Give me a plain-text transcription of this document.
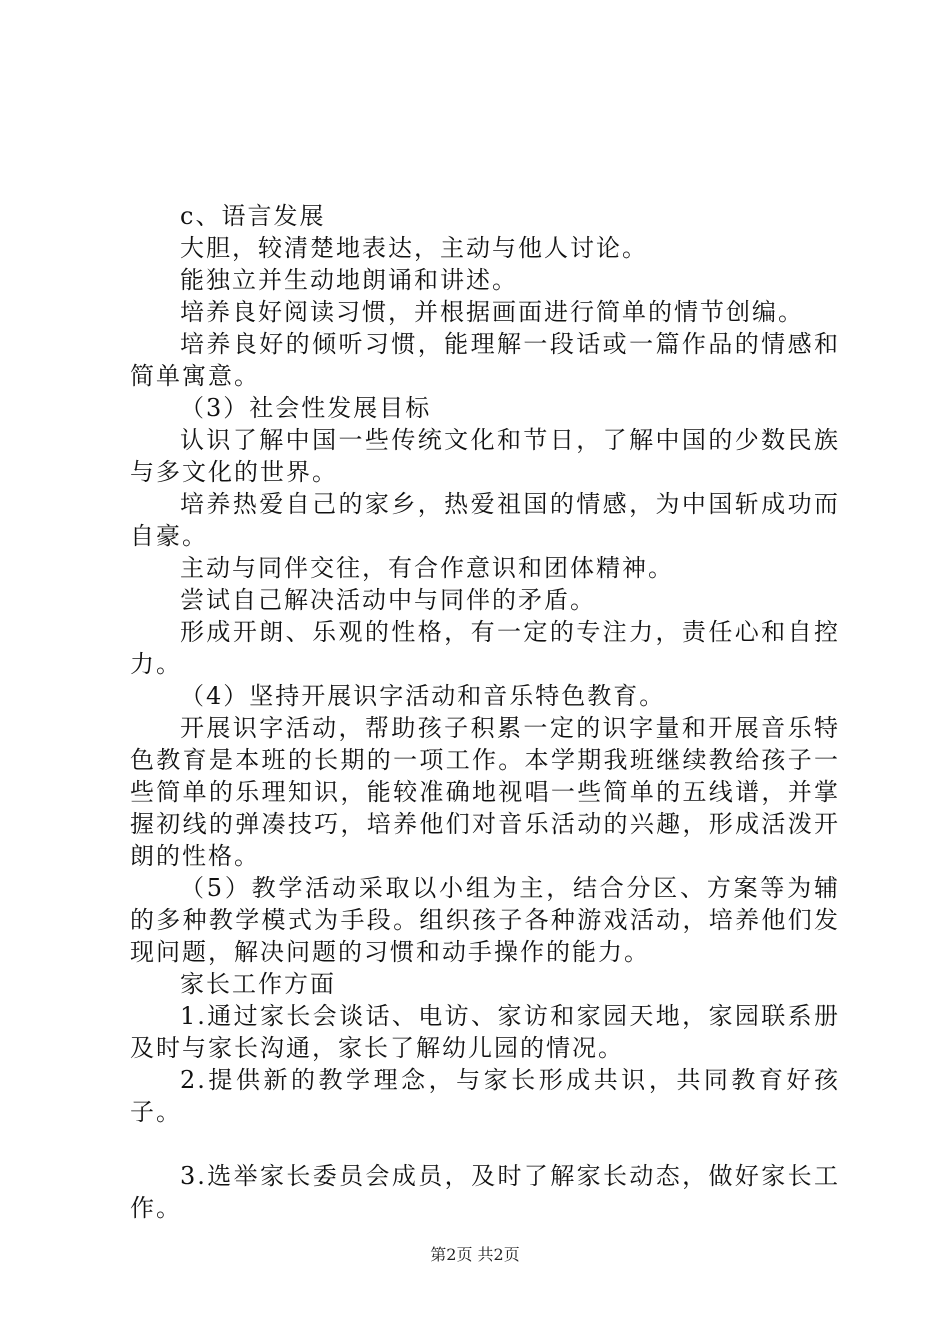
c、语言发展

大胆，较清楚地表达，主动与他人讨论。

能独立并生动地朗诵和讲述。

培养良好阅读习惯，并根据画面进行简单的情节创编。

培养良好的倾听习惯，能理解一段话或一篇作品的情感和简单寓意。

（3）社会性发展目标

认识了解中国一些传统文化和节日，了解中国的少数民族与多文化的世界。

培养热爱自己的家乡，热爱祖国的情感，为中国斩成功而自豪。

主动与同伴交往，有合作意识和团体精神。

尝试自己解决活动中与同伴的矛盾。

形成开朗、乐观的性格，有一定的专注力，责任心和自控力。

（4）坚持开展识字活动和音乐特色教育。

开展识字活动，帮助孩子积累一定的识字量和开展音乐特色教育是本班的长期的一项工作。本学期我班继续教给孩子一些简单的乐理知识，能较准确地视唱一些简单的五线谱，并掌握初线的弹凑技巧，培养他们对音乐活动的兴趣，形成活泼开朗的性格。

（5）教学活动采取以小组为主，结合分区、方案等为辅的多种教学模式为手段。组织孩子各种游戏活动，培养他们发现问题，解决问题的习惯和动手操作的能力。

家长工作方面

1.通过家长会谈话、电访、家访和家园天地，家园联系册及时与家长沟通，家长了解幼儿园的情况。

2.提供新的教学理念，与家长形成共识，共同教育好孩子。

3.选举家长委员会成员，及时了解家长动态，做好家长工作。

第2页 共2页
